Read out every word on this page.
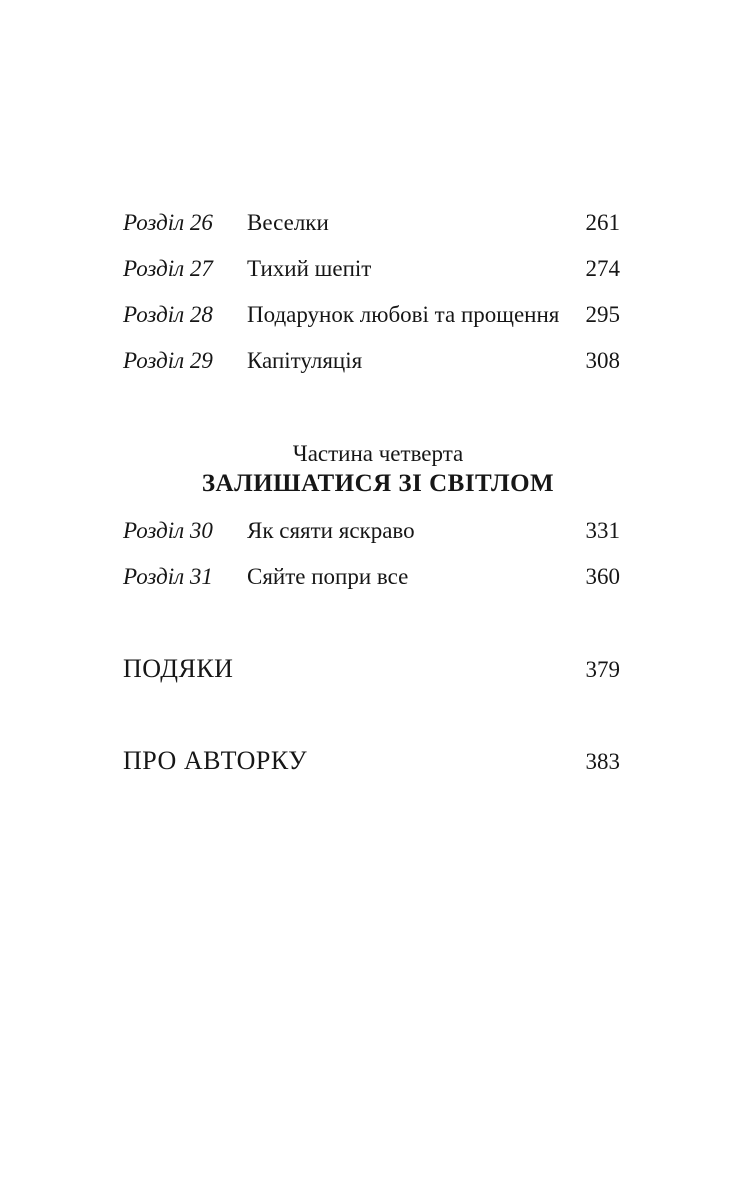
Розділ 26	Веселки	261
Розділ 27	Тихий шепіт	274
Розділ 28	Подарунок любові та прощення	295
Розділ 29	Капітуляція	308
Частина четверта
ЗАЛИШАТИСЯ ЗІ СВІТЛОМ
Розділ 30	Як сяяти яскраво	331
Розділ 31	Сяйте попри все	360
ПОДЯКИ	379
ПРО АВТОРКУ	383
